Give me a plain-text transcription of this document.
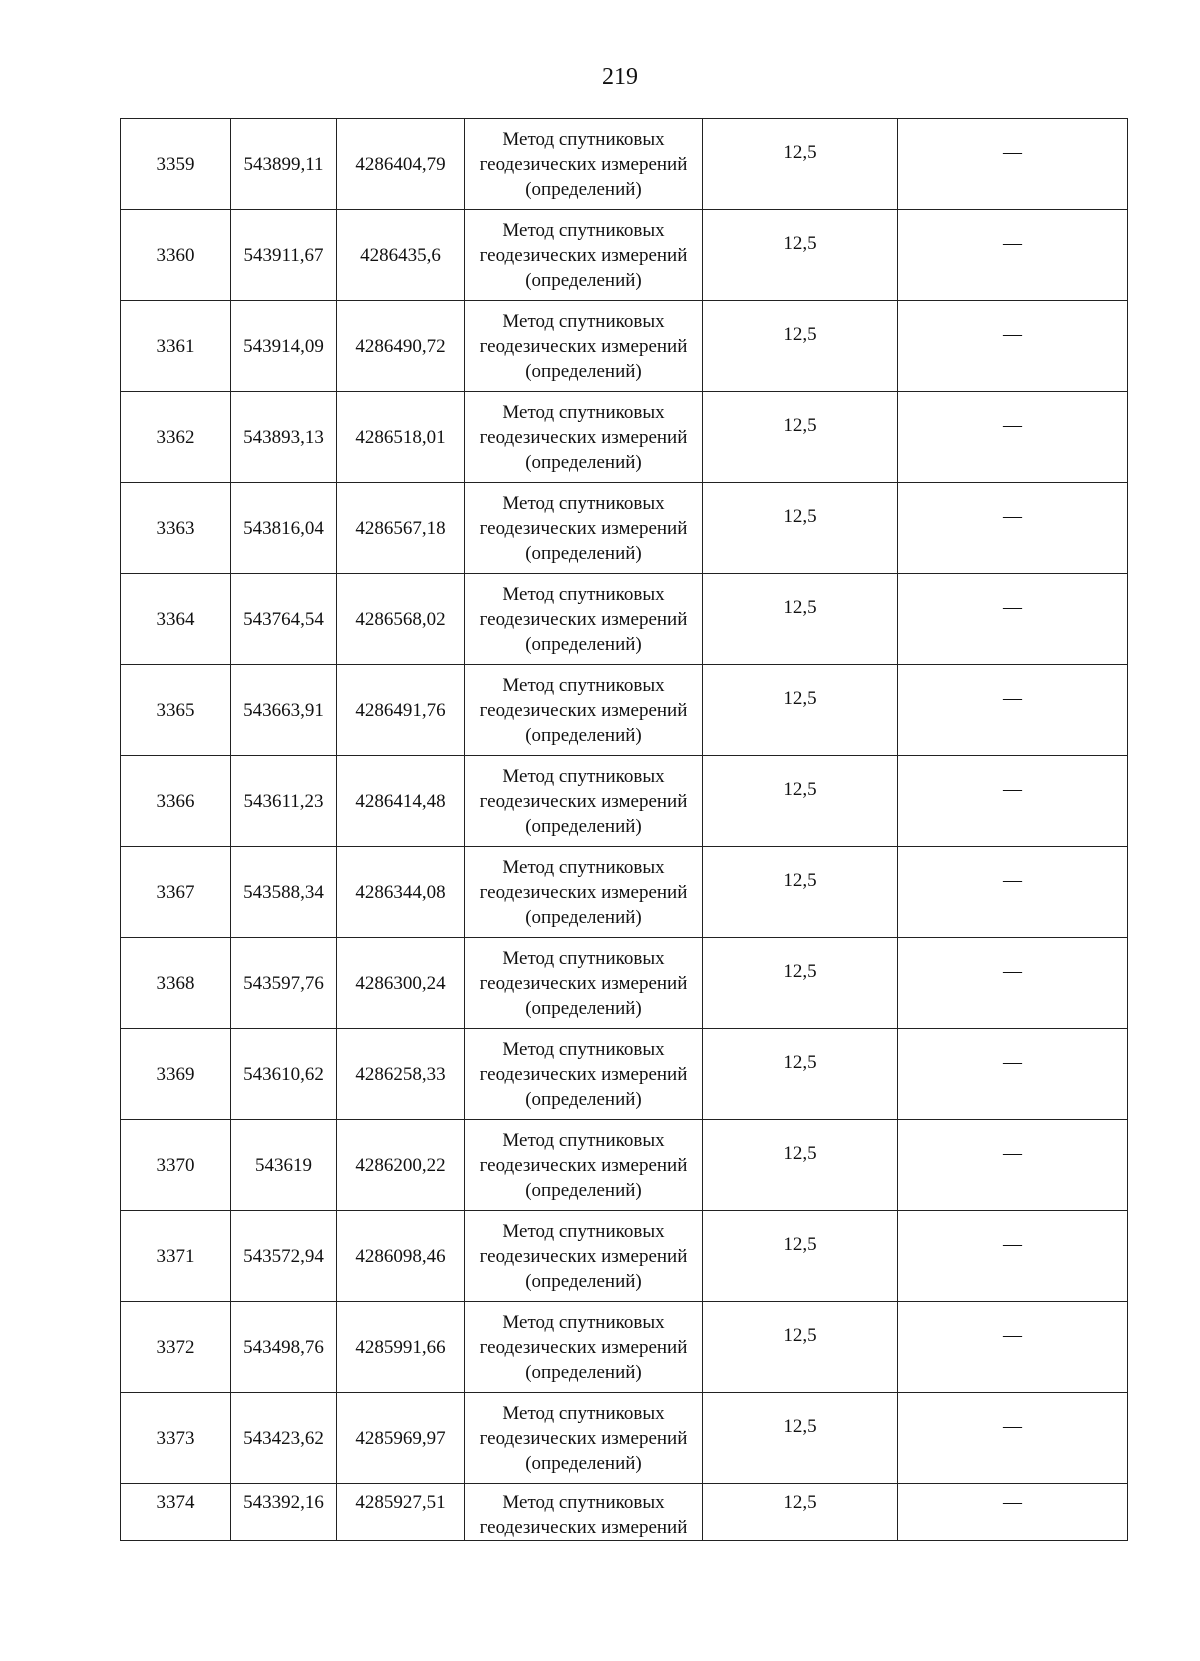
219
3359	543899,11	4286404,79	Метод спутниковых
геодезических измерений
(определений)	12,5	—
3360	543911,67	4286435,6	Метод спутниковых
геодезических измерений
(определений)	12,5	—
3361	543914,09	4286490,72	Метод спутниковых
геодезических измерений
(определений)	12,5	—
3362	543893,13	4286518,01	Метод спутниковых
геодезических измерений
(определений)	12,5	—
3363	543816,04	4286567,18	Метод спутниковых
геодезических измерений
(определений)	12,5	—
3364	543764,54	4286568,02	Метод спутниковых
геодезических измерений
(определений)	12,5	—
3365	543663,91	4286491,76	Метод спутниковых
геодезических измерений
(определений)	12,5	—
3366	543611,23	4286414,48	Метод спутниковых
геодезических измерений
(определений)	12,5	—
3367	543588,34	4286344,08	Метод спутниковых
геодезических измерений
(определений)	12,5	—
3368	543597,76	4286300,24	Метод спутниковых
геодезических измерений
(определений)	12,5	—
3369	543610,62	4286258,33	Метод спутниковых
геодезических измерений
(определений)	12,5	—
3370	543619	4286200,22	Метод спутниковых
геодезических измерений
(определений)	12,5	—
3371	543572,94	4286098,46	Метод спутниковых
геодезических измерений
(определений)	12,5	—
3372	543498,76	4285991,66	Метод спутниковых
геодезических измерений
(определений)	12,5	—
3373	543423,62	4285969,97	Метод спутниковых
геодезических измерений
(определений)	12,5	—
3374	543392,16	4285927,51	Метод спутниковых
геодезических измерений	12,5	—
